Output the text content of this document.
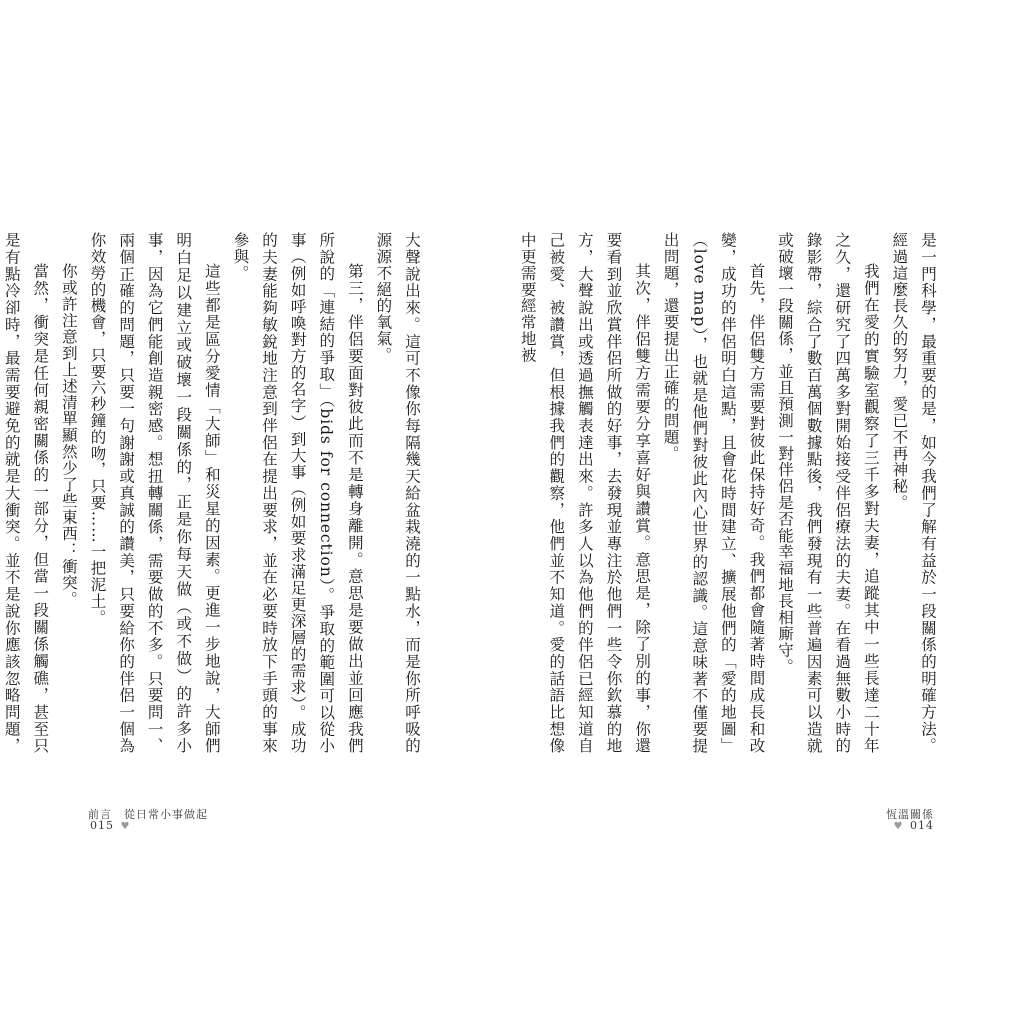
大聲說出來。這可不像你每隔幾天給盆栽澆的一點水，而是你所呼吸的源源不絕的氧氣。

第三，伴侶要面對彼此而不是轉身離開。意思是要做出並回應我們所說的「連結的爭取」（bids for connection）。爭取的範圍可以從小事（例如呼喚對方的名字）到大事（例如要求滿足更深層的需求）。成功的夫妻能夠敏銳地注意到伴侶在提出要求，並在必要時放下手頭的事來參與。

這些都是區分愛情「大師」和災星的因素。更進一步地說，大師們明白足以建立或破壞一段關係的，正是你每天做（或不做）的許多小事，因為它們能創造親密感。想扭轉關係，需要做的不多。只要問一、兩個正確的問題，只要一句謝謝或真誠的讚美，只要給你的伴侶一個為你效勞的機會，只要六秒鐘的吻，只要……一把泥土。

你或許注意到上述清單顯然少了些東西：衝突。

當然，衝突是任何親密關係的一部分，但當一段關係觸礁，甚至只是有點冷卻時，最需要避免的就是大衝突。並不是說你應該忽略問題，

前言　從日常小事做起
015 ♥

是一門科學，最重要的是，如今我們了解有益於一段關係的明確方法。經過這麼長久的努力，愛已不再神秘。

我們在愛的實驗室觀察了三千多對夫妻，追蹤其中一些長達二十年之久，還研究了四萬多對開始接受伴侶療法的夫妻。在看過無數小時的錄影帶，綜合了數百萬個數據點後，我們發現有一些普遍因素可以造就或破壞一段關係，並且預測一對伴侶是否能幸福地長相廝守。

首先，伴侶雙方需要對彼此保持好奇。我們都會隨著時間成長和改變，成功的伴侶明白這點，且會花時間建立、擴展他們的「愛的地圖」（love map），也就是他們對彼此內心世界的認識。這意味著不僅要提出問題，還要提出正確的問題。

其次，伴侶雙方需要分享喜好與讚賞。意思是，除了別的事，你還要看到並欣賞伴侶所做的好事，去發現並專注於他們一些令你欽慕的地方，大聲說出或透過撫觸表達出來。許多人以為他們的伴侶已經知道自己被愛、被讚賞，但根據我們的觀察，他們並不知道。愛的話語比想像中更需要經常地被

恆溫關係
♥ 014
